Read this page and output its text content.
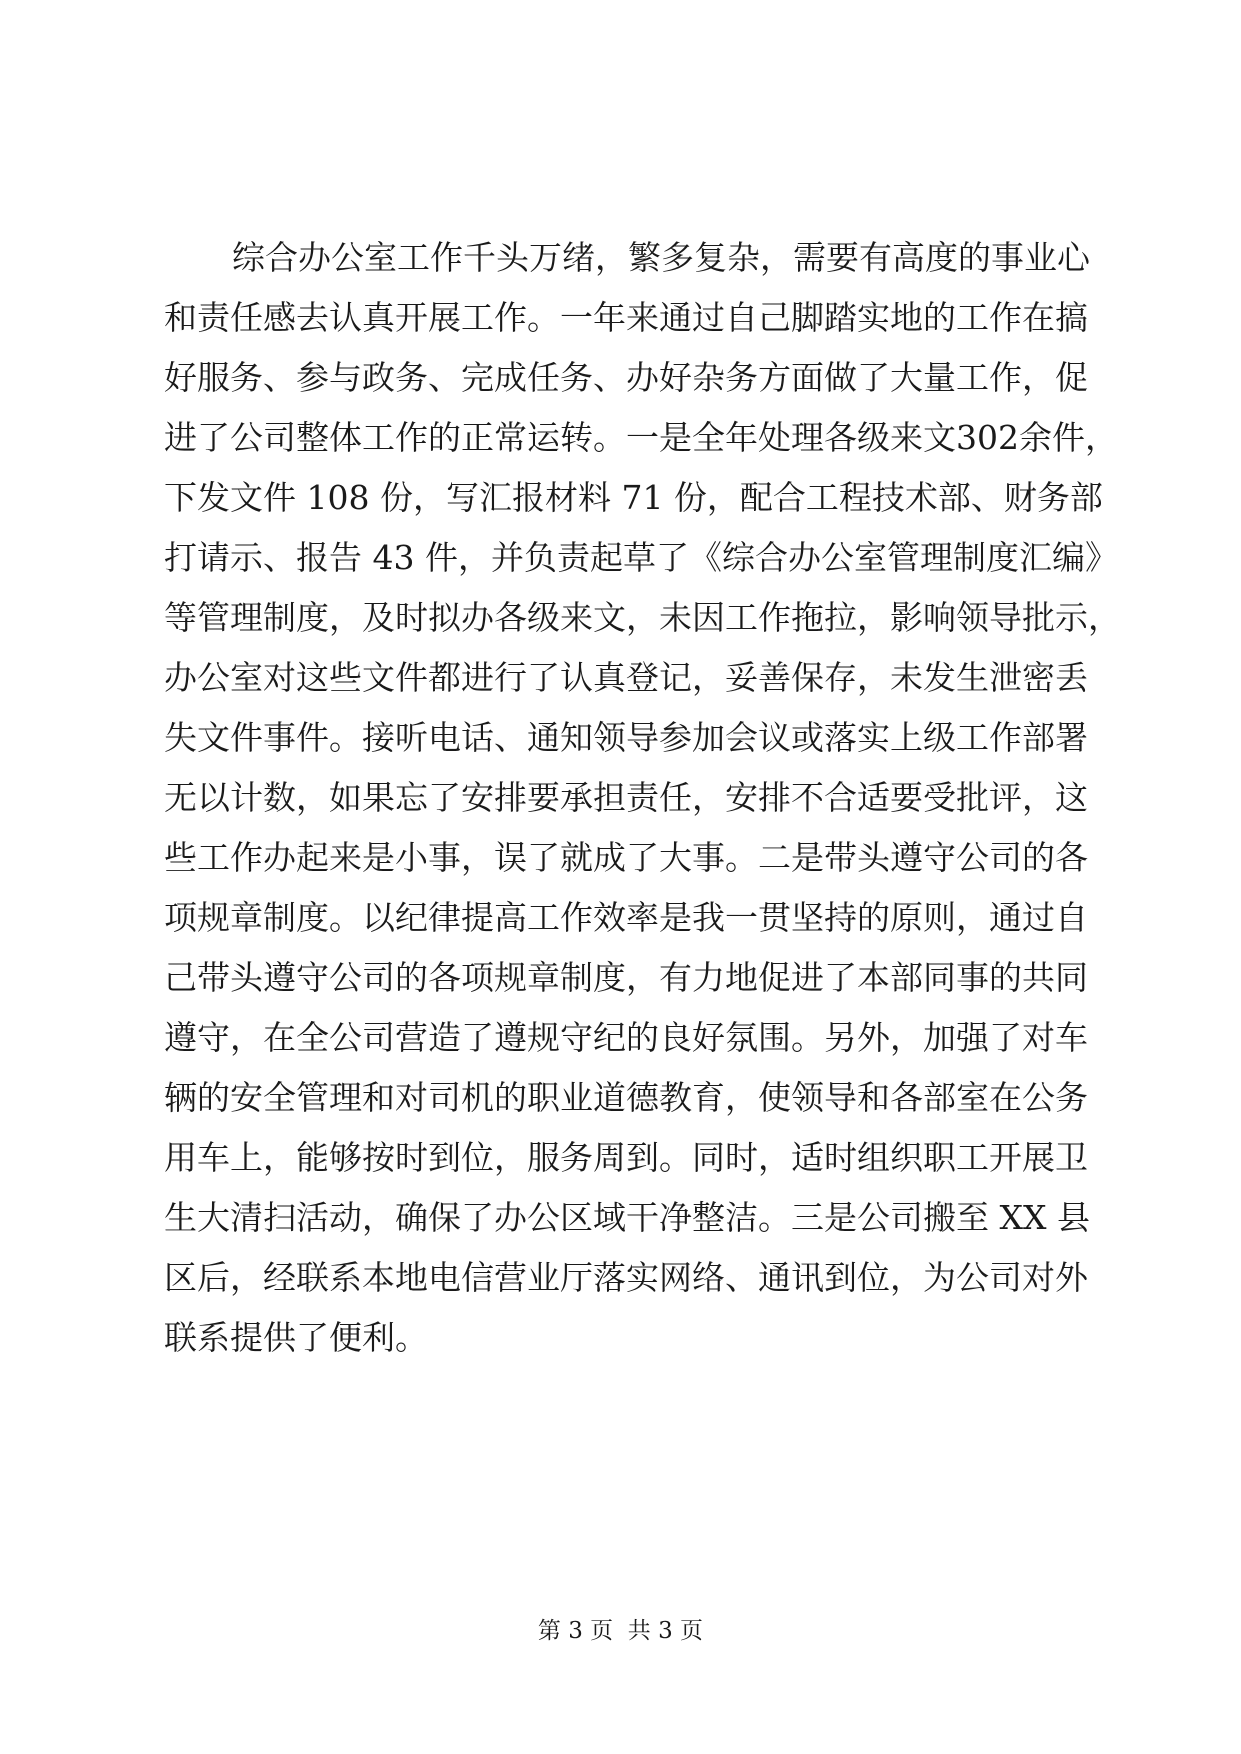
综合办公室工作千头万绪，繁多复杂，需要有高度的事业心
和责任感去认真开展工作。一年来通过自己脚踏实地的工作在搞
好服务、参与政务、完成任务、办好杂务方面做了大量工作，促
进了公司整体工作的正常运转。一是全年处理各级来文302余件，
下发文件 108 份，写汇报材料 71 份，配合工程技术部、财务部
打请示、报告 43 件，并负责起草了《综合办公室管理制度汇编》
等管理制度，及时拟办各级来文，未因工作拖拉，影响领导批示，
办公室对这些文件都进行了认真登记，妥善保存，未发生泄密丢
失文件事件。接听电话、通知领导参加会议或落实上级工作部署
无以计数，如果忘了安排要承担责任，安排不合适要受批评，这
些工作办起来是小事，误了就成了大事。二是带头遵守公司的各
项规章制度。以纪律提高工作效率是我一贯坚持的原则，通过自
己带头遵守公司的各项规章制度，有力地促进了本部同事的共同
遵守，在全公司营造了遵规守纪的良好氛围。另外，加强了对车
辆的安全管理和对司机的职业道德教育，使领导和各部室在公务
用车上，能够按时到位，服务周到。同时，适时组织职工开展卫
生大清扫活动，确保了办公区域干净整洁。三是公司搬至 XX 县
区后，经联系本地电信营业厅落实网络、通讯到位，为公司对外
联系提供了便利。
第 3 页  共 3 页
